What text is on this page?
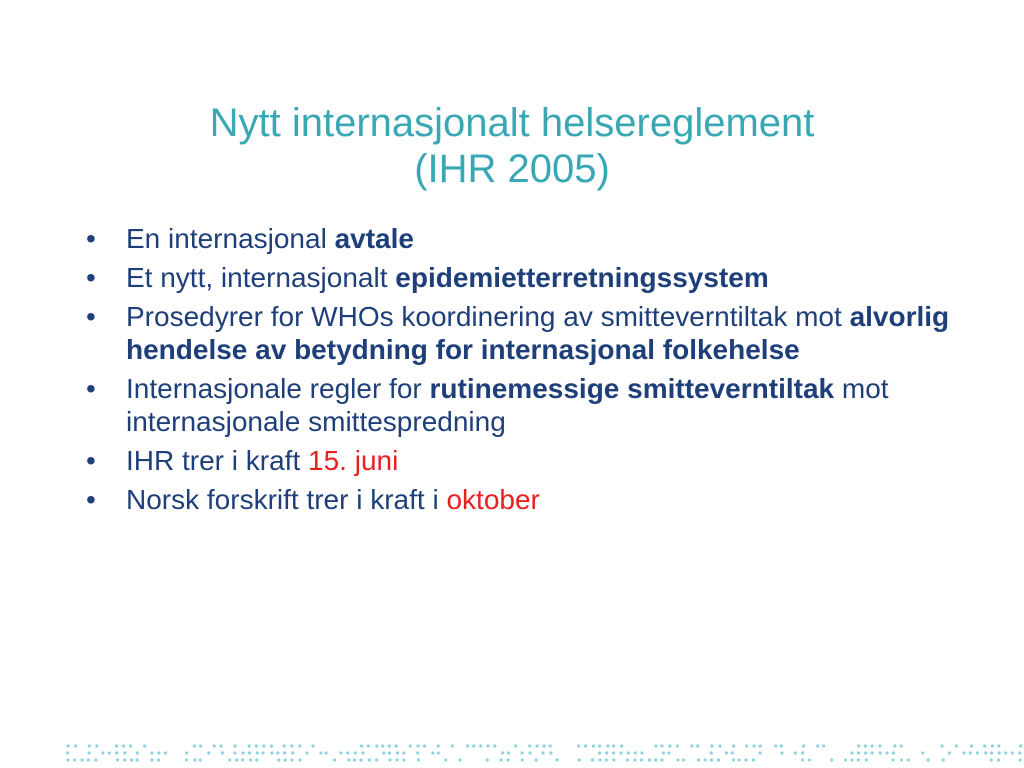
Nytt internasjonalt helsereglement
(IHR 2005)
• En internasjonal avtale
• Et nytt, internasjonalt epidemietterretningssystem
• Prosedyrer for WHOs koordinering av smitteverntiltak mot alvorlig hendelse av betydning for internasjonal folkehelse
• Internasjonale regler for rutinemessige smitteverntiltak mot internasjonale smittespredning
• IHR trer i kraft 15. juni
• Norsk forskrift trer i kraft i oktober
